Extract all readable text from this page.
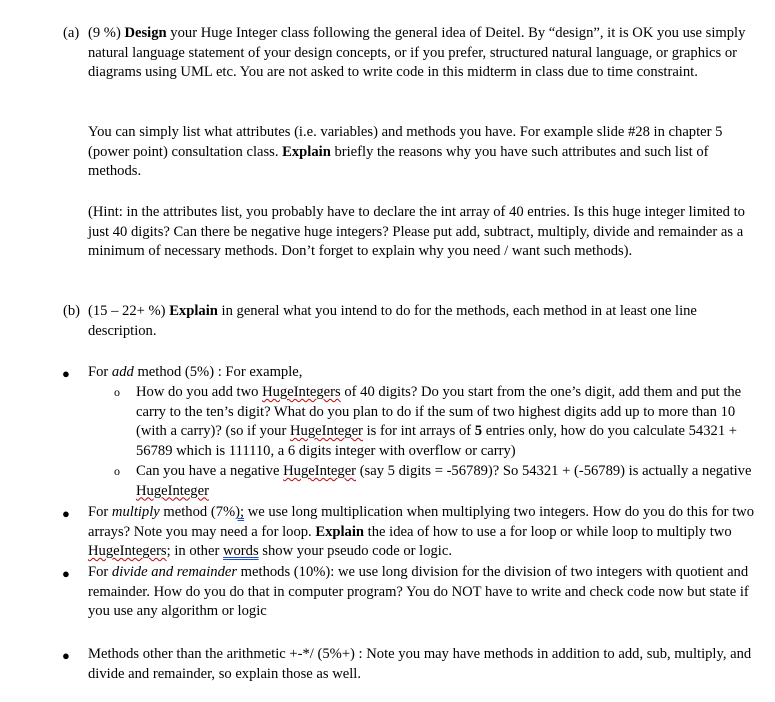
(a) (9 %) Design your Huge Integer class following the general idea of Deitel. By “design”, it is OK you use simply natural language statement of your design concepts, or if you prefer, structured natural language, or graphics or diagrams using UML etc. You are not asked to write code in this midterm in class due to time constraint.
You can simply list what attributes (i.e. variables) and methods you have. For example slide #28 in chapter 5 (power point) consultation class. Explain briefly the reasons why you have such attributes and such list of methods.
(Hint: in the attributes list, you probably have to declare the int array of 40 entries. Is this huge integer limited to just 40 digits? Can there be negative huge integers? Please put add, subtract, multiply, divide and remainder as a minimum of necessary methods. Don’t forget to explain why you need / want such methods).
(b) (15 – 22+ %) Explain in general what you intend to do for the methods, each method in at least one line description.
● For add method (5%) : For example,
o How do you add two HugeIntegers of 40 digits? Do you start from the one’s digit, add them and put the carry to the ten’s digit? What do you plan to do if the sum of two highest digits add up to more than 10 (with a carry)? (so if your HugeInteger is for int arrays of 5 entries only, how do you calculate 54321 + 56789 which is 111110, a 6 digits integer with overflow or carry)
o Can you have a negative HugeInteger (say 5 digits = -56789)? So 54321 + (-56789) is actually a negative HugeInteger
● For multiply method (7%); we use long multiplication when multiplying two integers. How do you do this for two arrays? Note you may need a for loop. Explain the idea of how to use a for loop or while loop to multiply two HugeIntegers; in other words show your pseudo code or logic.
● For divide and remainder methods (10%): we use long division for the division of two integers with quotient and remainder. How do you do that in computer program? You do NOT have to write and check code now but state if you use any algorithm or logic
● Methods other than the arithmetic +-*/ (5%+) : Note you may have methods in addition to add, sub, multiply, and divide and remainder, so explain those as well.
